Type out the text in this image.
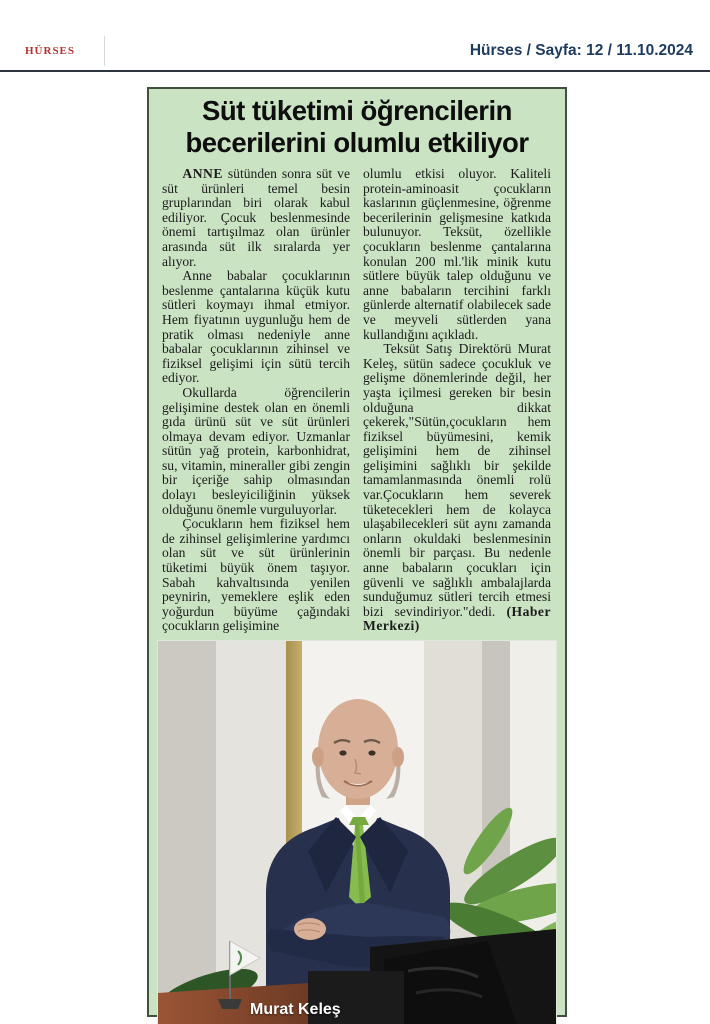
HÜRSES	Hürses / Sayfa: 12 / 11.10.2024
Süt tüketimi öğrencilerin
becerilerini olumlu etkiliyor

ANNE sütünden sonra süt ve süt ürünleri temel besin gruplarından biri olarak kabul ediliyor. Çocuk beslenmesinde önemi tartışılmaz olan ürünler arasında süt ilk sıralarda yer alıyor.

Anne babalar çocuklarının beslenme çantalarına küçük kutu sütleri koymayı ihmal etmiyor. Hem fiyatının uygunluğu hem de pratik olması nedeniyle anne babalar çocuklarının zihinsel ve fiziksel gelişimi için sütü tercih ediyor.

Okullarda öğrencilerin gelişimine destek olan en önemli gıda ürünü süt ve süt ürünleri olmaya devam ediyor. Uzmanlar sütün yağ protein, karbonhidrat, su, vitamin, mineraller gibi zengin bir içeriğe sahip olmasından dolayı besleyiciliğinin yüksek olduğunu önemle vurguluyorlar.

Çocukların hem fiziksel hem de zihinsel gelişimlerine yardımcı olan süt ve süt ürünlerinin tüketimi büyük önem taşıyor. Sabah kahvaltısında yenilen peynirin, yemeklere eşlik eden yoğurdun büyüme çağındaki çocukların gelişimine

olumlu etkisi oluyor. Kaliteli protein-aminoasit çocukların kaslarının güçlenmesine, öğrenme becerilerinin gelişmesine katkıda bulunuyor. Teksüt, özellikle çocukların beslenme çantalarına konulan 200 ml.'lik minik kutu sütlere büyük talep olduğunu ve anne babaların tercihini farklı günlerde alternatif olabilecek sade ve meyveli sütlerden yana kullandığını açıkladı.

Teksüt Satış Direktörü Murat Keleş, sütün sadece çocukluk ve gelişme dönemlerinde değil, her yaşta içilmesi gereken bir besin olduğuna dikkat çekerek,"Sütün,çocukların hem fiziksel büyümesini, kemik gelişimini hem de zihinsel gelişimini sağlıklı bir şekilde tamamlanmasında önemli rolü var.Çocukların hem severek tüketecekleri hem de kolayca ulaşabilecekleri süt aynı zamanda onların okuldaki beslenmesinin önemli bir parçası. Bu nedenle anne babaların çocukları için güvenli ve sağlıklı ambalajlarda sunduğumuz sütleri tercih etmesi bizi sevindiriyor."dedi. (Haber Merkezi)

Murat Keleş
